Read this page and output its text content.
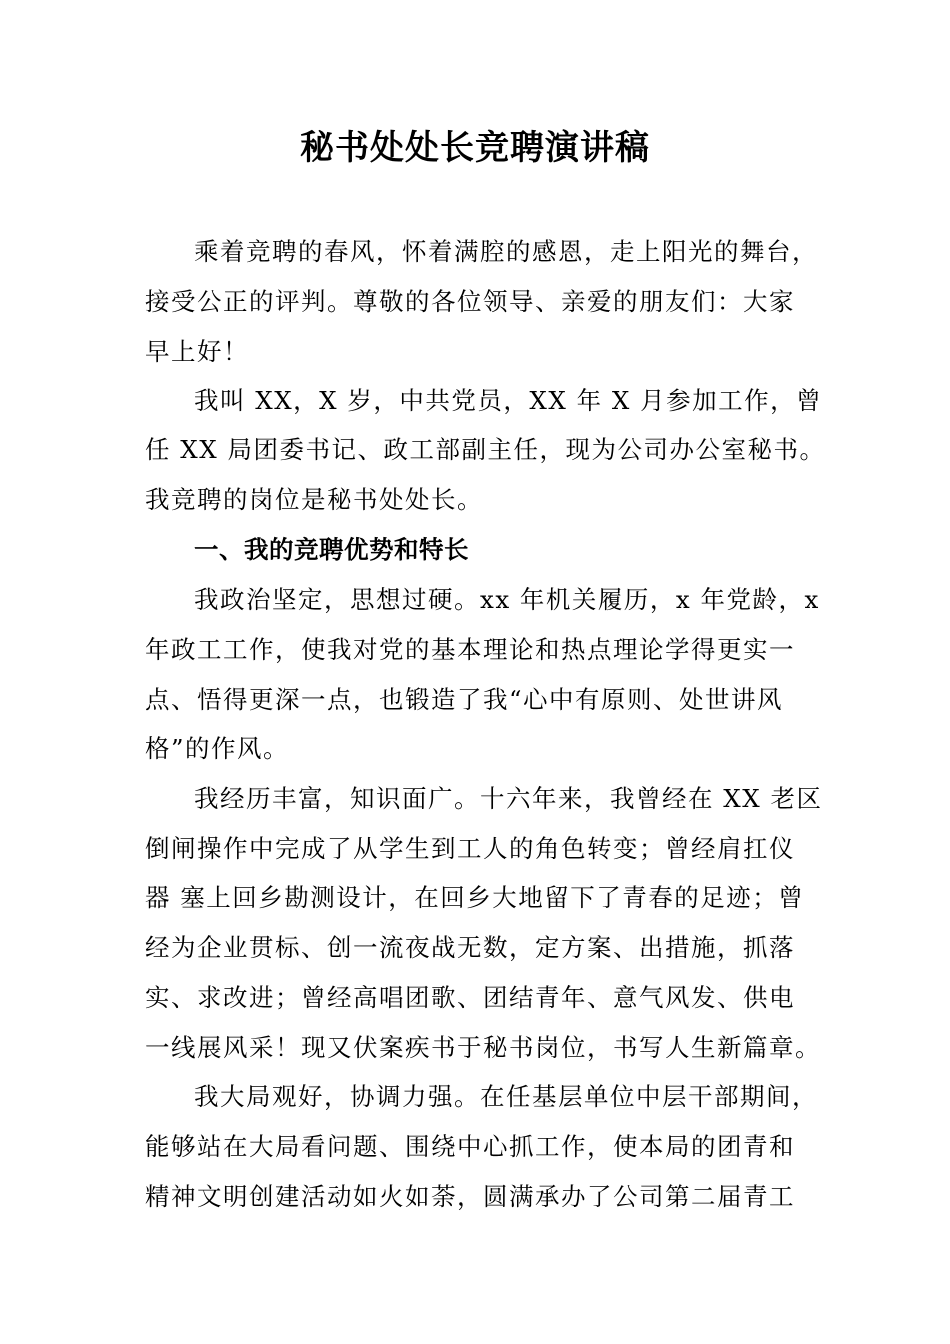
秘书处处长竞聘演讲稿

乘着竞聘的春风，怀着满腔的感恩，走上阳光的舞台，

接受公正的评判。尊敬的各位领导、亲爱的朋友们：大家

早上好！

我叫 XX，X 岁，中共党员，XX 年 X 月参加工作，曾

任 XX 局团委书记、政工部副主任，现为公司办公室秘书。

我竞聘的岗位是秘书处处长。

一、我的竞聘优势和特长

我政治坚定，思想过硬。xx 年机关履历，x 年党龄，x

年政工工作，使我对党的基本理论和热点理论学得更实一

点、悟得更深一点，也锻造了我“心中有原则、处世讲风

格”的作风。

我经历丰富，知识面广。十六年来，我曾经在 XX 老区

倒闸操作中完成了从学生到工人的角色转变；曾经肩扛仪

器 塞上回乡勘测设计，在回乡大地留下了青春的足迹；曾

经为企业贯标、创一流夜战无数，定方案、出措施，抓落

实、求改进；曾经高唱团歌、团结青年、意气风发、供电

一线展风采！现又伏案疾书于秘书岗位，书写人生新篇章。

我大局观好，协调力强。在任基层单位中层干部期间，

能够站在大局看问题、围绕中心抓工作，使本局的团青和

精神文明创建活动如火如荼，圆满承办了公司第二届青工
